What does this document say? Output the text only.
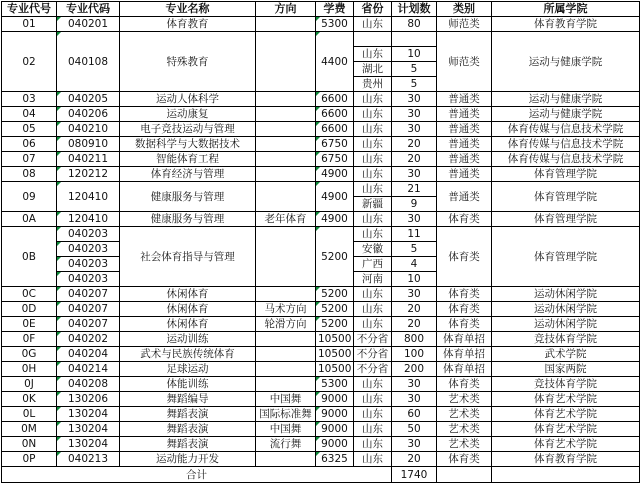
专业代号	专业代码	专业名称	方向	学费	省份	计划数	类别	所属学院
01	040201	体育教育		5300	山东	80	师范类	体育教育学院
02	040108	特殊教育		4400			师范类	运动与健康学院
					山东	10		
					湖北	5		
					贵州	5		
03	040205	运动人体科学		6600	山东	30	普通类	运动与健康学院
04	040206	运动康复		6600	山东	30	普通类	运动与健康学院
05	040210	电子竞技运动与管理		6600	山东	30	普通类	体育传媒与信息技术学院
06	080910	数据科学与大数据技术		6750	山东	20	普通类	体育传媒与信息技术学院
07	040211	智能体育工程		6750	山东	20	普通类	体育传媒与信息技术学院
08	120212	体育经济与管理		4900	山东	30	普通类	体育管理学院
09	120410	健康服务与管理		4900	山东	21	普通类	体育管理学院
					新疆	9		
0A	120410	健康服务与管理	老年体育	4900	山东	30	体育类	体育管理学院
0B	040203	社会体育指导与管理		5200	山东	11	体育类	体育管理学院
	040203				安徽	5		
	040203				广西	4		
	040203				河南	10		
0C	040207	休闲体育		5200	山东	30	体育类	运动休闲学院
0D	040207	休闲体育	马术方向	5200	山东	20	体育类	运动休闲学院
0E	040207	休闲体育	轮滑方向	5200	山东	20	体育类	运动休闲学院
0F	040202	运动训练		10500	不分省	800	体育单招	竞技体育学院
0G	040204	武术与民族传统体育		10500	不分省	100	体育单招	武术学院
0H	040214	足球运动		10500	不分省	200	体育单招	国家两院
0J	040208	体能训练		5300	山东	30	体育类	竞技体育学院
0K	130206	舞蹈编导	中国舞	9000	山东	30	艺术类	体育艺术学院
0L	130204	舞蹈表演	国际标准舞	9000	山东	60	艺术类	体育艺术学院
0M	130204	舞蹈表演	中国舞	9000	山东	50	艺术类	体育艺术学院
0N	130204	舞蹈表演	流行舞	9000	山东	30	艺术类	体育艺术学院
0P	040213	运动能力开发		6325	山东	20	体育类	体育教育学院
合计						1740		
